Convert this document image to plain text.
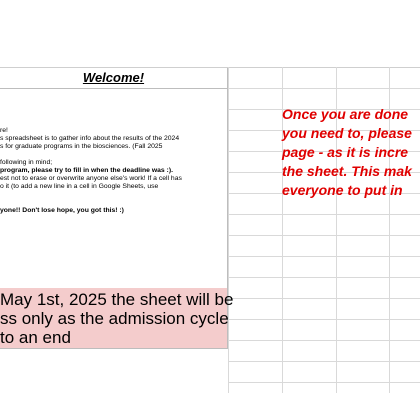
Welcome!
re!
s spreadsheet is to gather info about the results of the 2024
s for graduate programs in the biosciences. (Fall 2025
following in mind;
program, please try to fill in when the deadline was :).
est not to erase or overwrite anyone else's work! If a cell has
o it (to add a new line in a cell in Google Sheets, use
yone!! Don't lose hope, you got this! :)
May 1st, 2025 the sheet will be
ss only as the admission cycle
to an end
Once you are done
you need to, please
page - as it is incre
the sheet. This mak
everyone to put in
